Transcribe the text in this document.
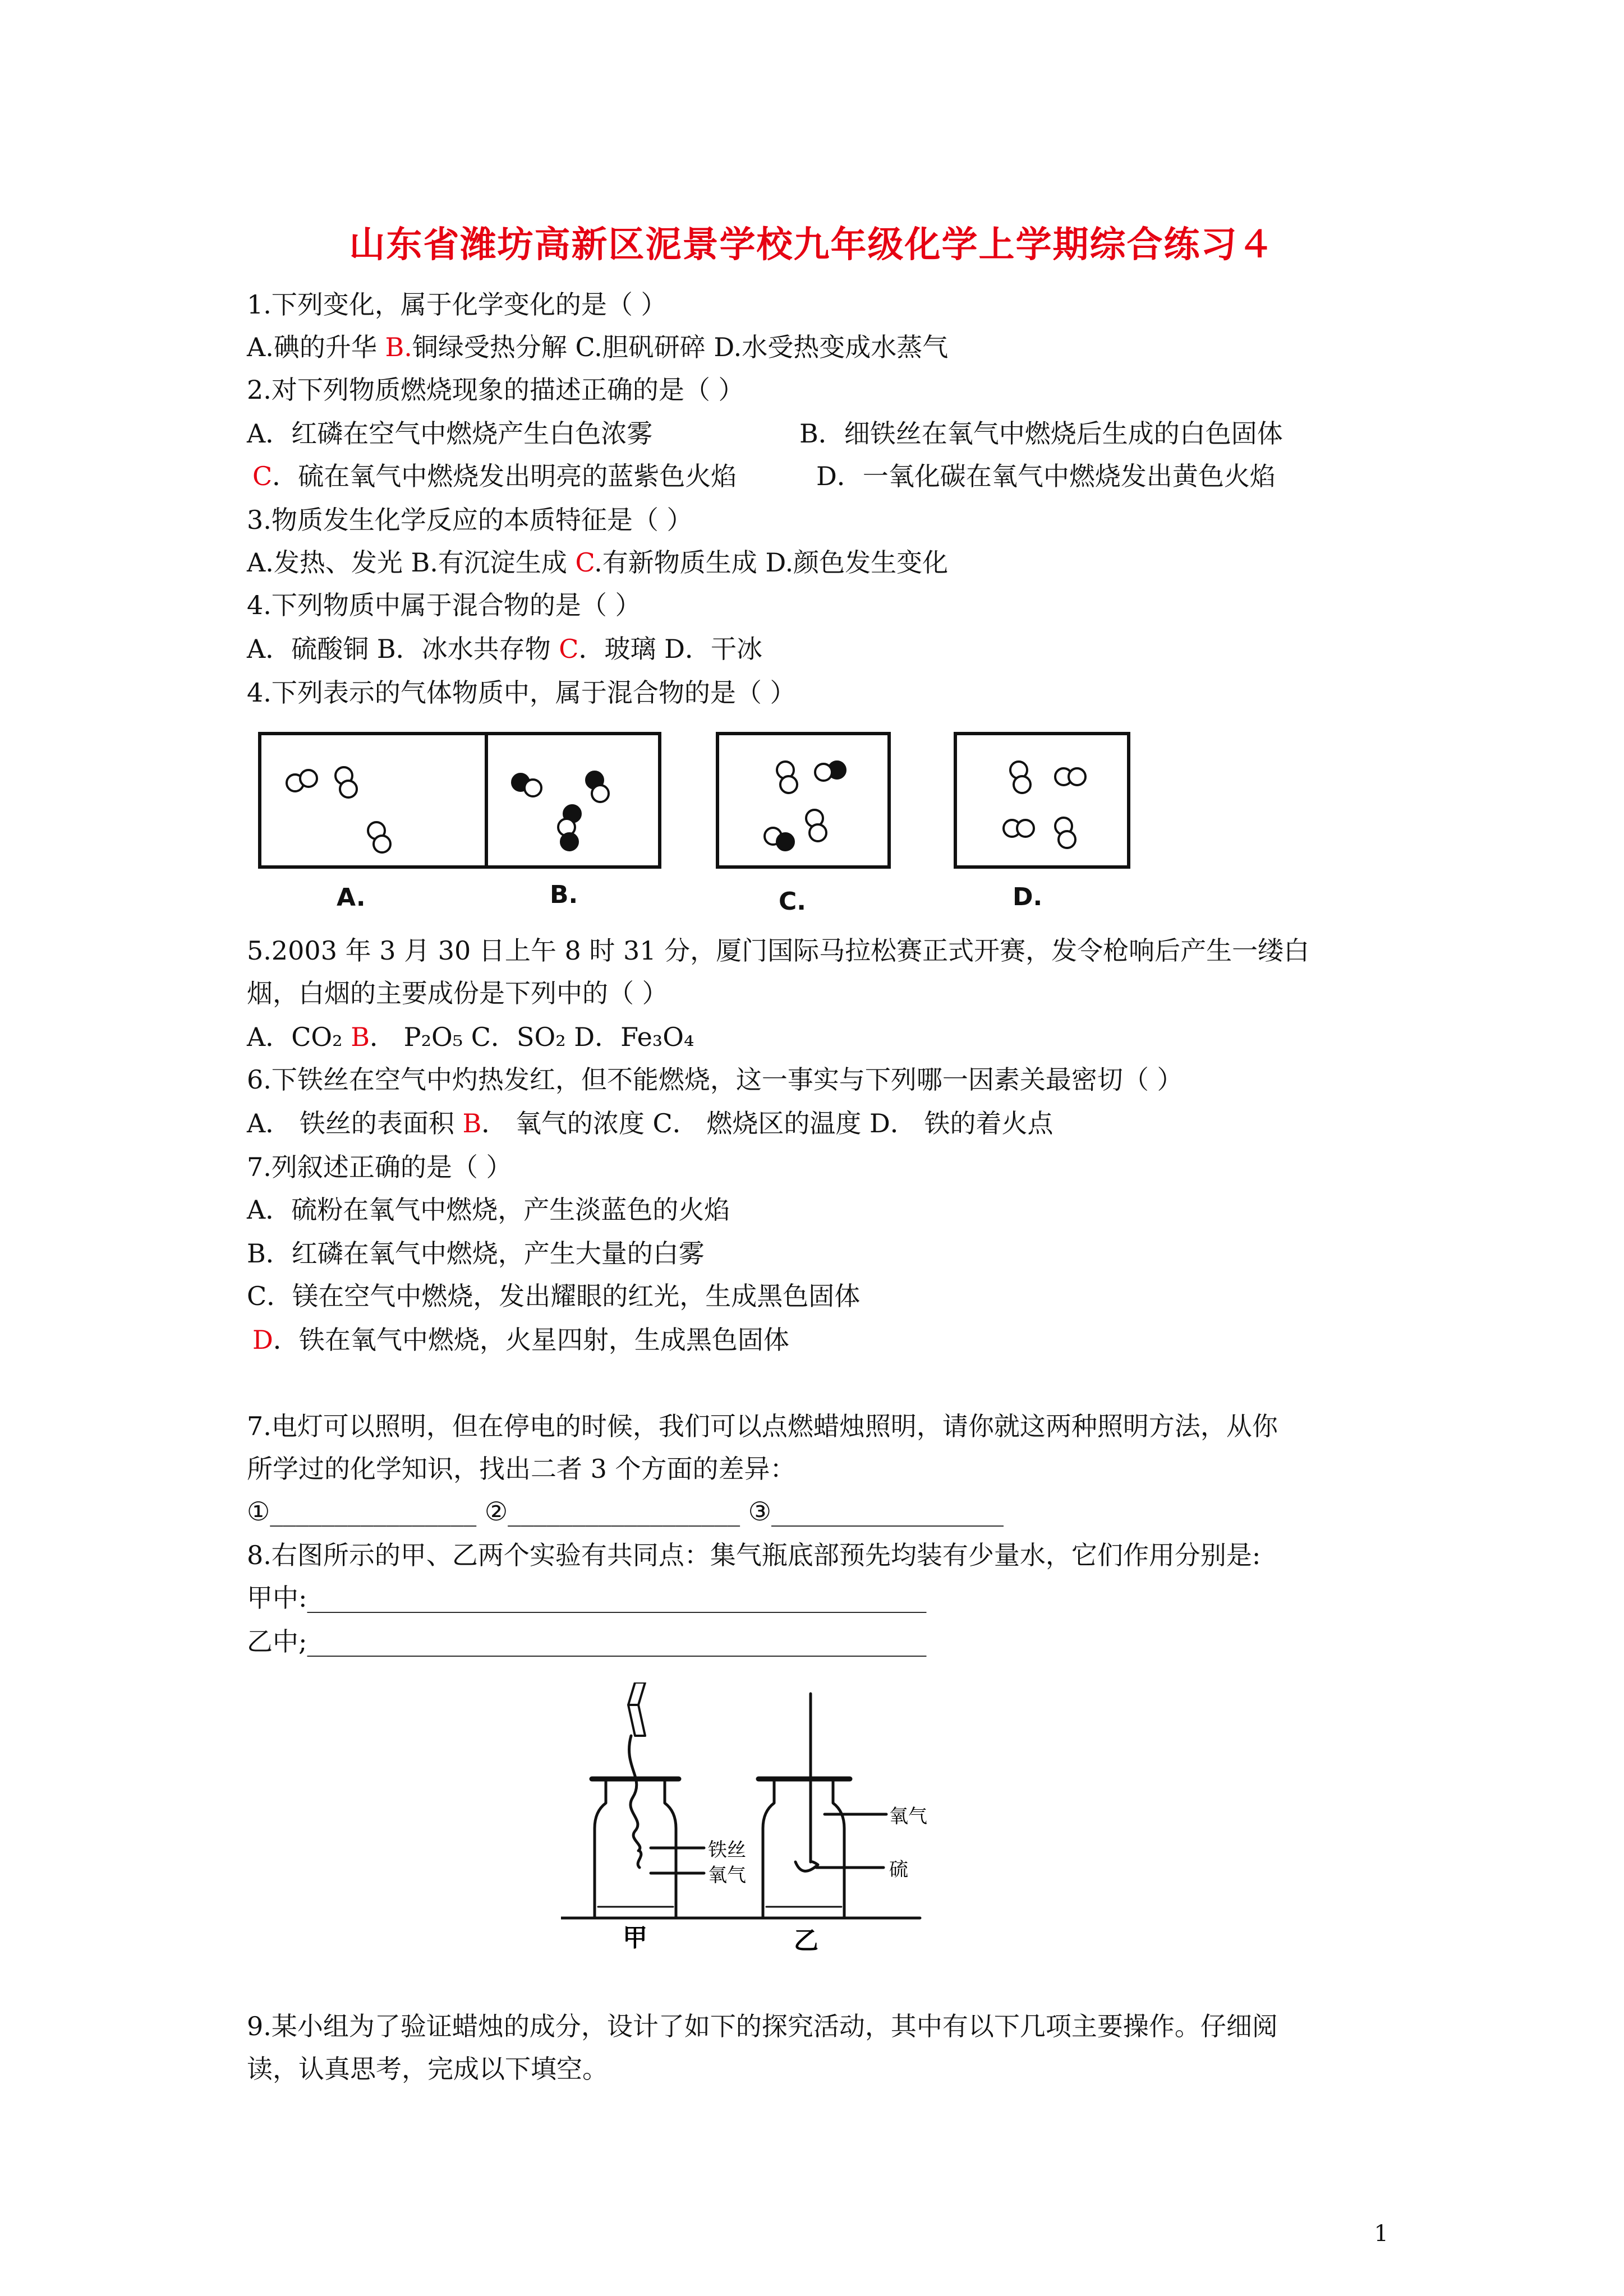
山东省潍坊高新区泥景学校九年级化学上学期综合练习４
1.下列变化，属于化学变化的是（ ）
A.碘的升华 B.铜绿受热分解 C.胆矾研碎 D.水受热变成水蒸气
2.对下列物质燃烧现象的描述正确的是（ ）
A．红磷在空气中燃烧产生白色浓雾	B．细铁丝在氧气中燃烧后生成的白色固体
C．硫在氧气中燃烧发出明亮的蓝紫色火焰	D．一氧化碳在氧气中燃烧发出黄色火焰
3.物质发生化学反应的本质特征是（ ）
A.发热、发光 B.有沉淀生成 C.有新物质生成 D.颜色发生变化
4.下列物质中属于混合物的是（ ）
A．硫酸铜 B．冰水共存物 C．玻璃 D．干冰
4.下列表示的气体物质中，属于混合物的是（ ）
A.	B.	C.	D.
5.2003 年 3 月 30 日上午 8 时 31 分，厦门国际马拉松赛正式开赛，发令枪响后产生一缕白
烟，白烟的主要成份是下列中的（ ）
A．CO₂ B． P₂O₅ C．SO₂ D．Fe₃O₄
6.下铁丝在空气中灼热发红，但不能燃烧，这一事实与下列哪一因素关最密切（ ）
A． 铁丝的表面积 B． 氧气的浓度 C． 燃烧区的温度 D． 铁的着火点
7.列叙述正确的是（ ）
A．硫粉在氧气中燃烧，产生淡蓝色的火焰
B．红磷在氧气中燃烧，产生大量的白雾
C．镁在空气中燃烧，发出耀眼的红光，生成黑色固体
D．铁在氧气中燃烧，火星四射，生成黑色固体
7.电灯可以照明，但在停电的时候，我们可以点燃蜡烛照明，请你就这两种照明方法，从你
所学过的化学知识，找出二者 3 个方面的差异：
①________________ ②__________________ ③__________________
8.右图所示的甲、乙两个实验有共同点：集气瓶底部预先均装有少量水，它们作用分别是:
甲中:________________________________________________
乙中;________________________________________________
铁丝
氧气
氧气
硫
甲	乙
9.某小组为了验证蜡烛的成分，设计了如下的探究活动，其中有以下几项主要操作。仔细阅
读，认真思考，完成以下填空。
1
